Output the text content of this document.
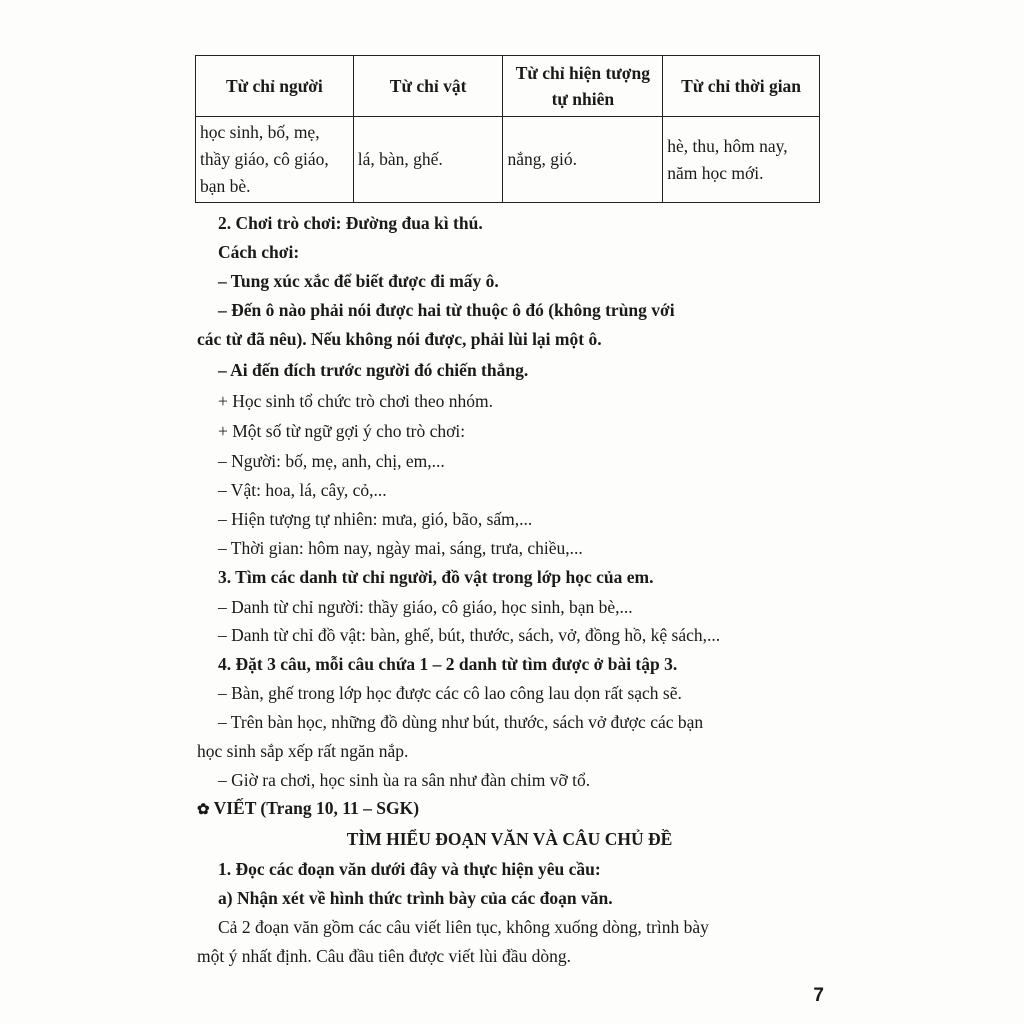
Từ chỉ người	Từ chỉ vật	Từ chỉ hiện tượng tự nhiên	Từ chỉ thời gian
học sinh, bố, mẹ, thầy giáo, cô giáo, bạn bè.	lá, bàn, ghế.	nắng, gió.	hè, thu, hôm nay, năm học mới.
2. Chơi trò chơi: Đường đua kì thú.
Cách chơi:
– Tung xúc xắc để biết được đi mấy ô.
– Đến ô nào phải nói được hai từ thuộc ô đó (không trùng với
các từ đã nêu). Nếu không nói được, phải lùi lại một ô.
– Ai đến đích trước người đó chiến thắng.
+ Học sinh tổ chức trò chơi theo nhóm.
+ Một số từ ngữ gợi ý cho trò chơi:
– Người: bố, mẹ, anh, chị, em,...
– Vật: hoa, lá, cây, cỏ,...
– Hiện tượng tự nhiên: mưa, gió, bão, sấm,...
– Thời gian: hôm nay, ngày mai, sáng, trưa, chiều,...
3. Tìm các danh từ chỉ người, đồ vật trong lớp học của em.
– Danh từ chỉ người: thầy giáo, cô giáo, học sinh, bạn bè,...
– Danh từ chỉ đồ vật: bàn, ghế, bút, thước, sách, vở, đồng hồ, kệ sách,...
4. Đặt 3 câu, mỗi câu chứa 1 – 2 danh từ tìm được ở bài tập 3.
– Bàn, ghế trong lớp học được các cô lao công lau dọn rất sạch sẽ.
– Trên bàn học, những đồ dùng như bút, thước, sách vở được các bạn
học sinh sắp xếp rất ngăn nắp.
– Giờ ra chơi, học sinh ùa ra sân như đàn chim vỡ tổ.
✿ VIẾT (Trang 10, 11 – SGK)
TÌM HIỂU ĐOẠN VĂN VÀ CÂU CHỦ ĐỀ
1. Đọc các đoạn văn dưới đây và thực hiện yêu cầu:
a) Nhận xét về hình thức trình bày của các đoạn văn.
Cả 2 đoạn văn gồm các câu viết liên tục, không xuống dòng, trình bày
một ý nhất định. Câu đầu tiên được viết lùi đầu dòng.
7
